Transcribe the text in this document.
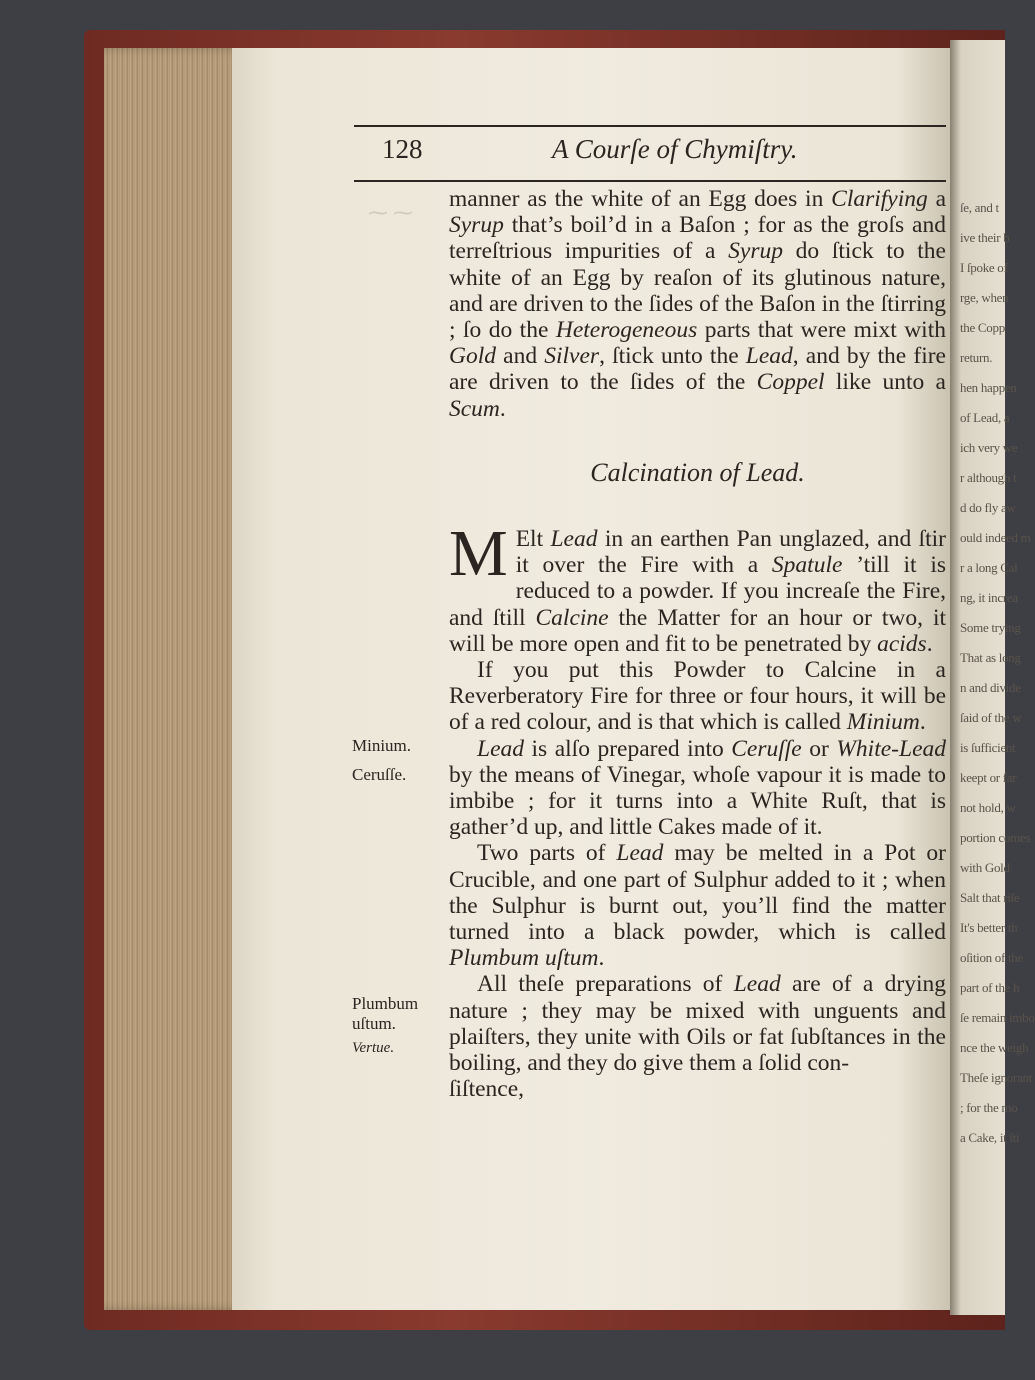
ſe, and t
ive their b
I ſpoke of
rge, when
the Copp
return.
hen happen
of Lead, a
ich very we
r although t
d do fly aw
ould indeed m
r a long Cal
ng, it increa
Some trying
That as long
n and divide
ſaid of the w
is ſufficient
keept or far
not hold, w
portion comes
with Gold
Salt that riſe
It's better th
oſition of the
part of the h
ſe remain imbo
nce the weigh
Theſe ignorant
; for the mo
a Cake, it ſti
128	A Courſe of Chymiſtry.
⁓ ⁓

manner as the white of an Egg does in Clarifying a Syrup that’s boil’d in a Baſon ; for as the groſs and terreſtrious impurities of a Syrup do ſtick to the white of an Egg by reaſon of its glutinous nature, and are driven to the ſides of the Baſon in the ſtirring ; ſo do the Heterogeneous parts that were mixt with Gold and Silver, ſtick unto the Lead, and by the fire are driven to the ſides of the Coppel like unto a Scum.

Calcination of Lead.

M Elt Lead in an earthen Pan unglazed, and ſtir it over the Fire with a Spatule ’till it is reduced to a powder. If you increaſe the Fire, and ſtill Calcine the Matter for an hour or two, it will be more open and fit to be penetrated by acids.

If you put this Powder to Calcine in a Reverberatory Fire for three or four hours, it will be of a red colour, and is that which is called Minium.

Lead is alſo prepared into Ceruſſe or White-Lead by the means of Vinegar, whoſe vapour it is made to imbibe ; for it turns into a White Ruſt, that is gather’d up, and little Cakes made of it.

Two parts of Lead may be melted in a Pot or Crucible, and one part of Sulphur added to it ; when the Sulphur is burnt out, you’ll find the matter turned into a black powder, which is called Plumbum uſtum.

All theſe preparations of Lead are of a drying nature ; they may be mixed with unguents and plaiſters, they unite with Oils or fat ſubſtances in the boiling, and they do give them a ſolid con-

ſiſtence,

Minium.
Ceruſſe.
Plumbum
uſtum.
Vertue.
